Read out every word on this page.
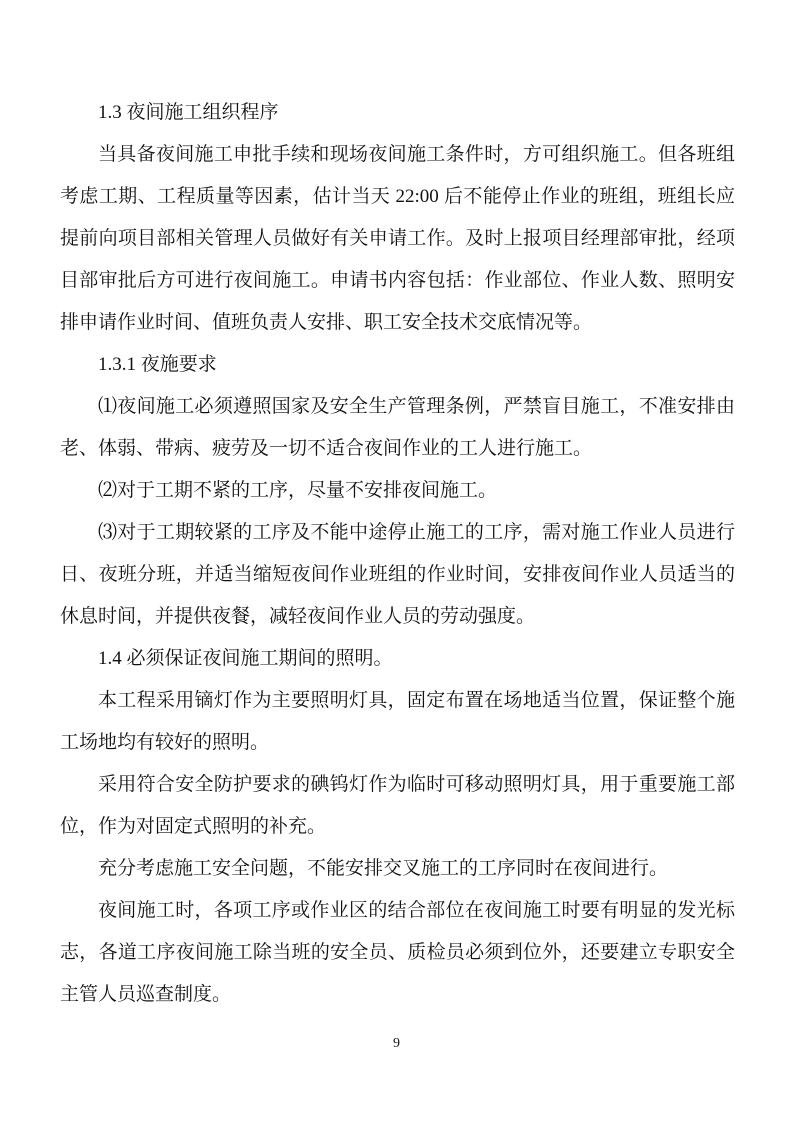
1.3 夜间施工组织程序

当具备夜间施工申批手续和现场夜间施工条件时，方可组织施工。但各班组考虑工期、工程质量等因素，估计当天 22:00 后不能停止作业的班组，班组长应提前向项目部相关管理人员做好有关申请工作。及时上报项目经理部审批，经项目部审批后方可进行夜间施工。申请书内容包括：作业部位、作业人数、照明安排申请作业时间、值班负责人安排、职工安全技术交底情况等。

1.3.1 夜施要求

⑴夜间施工必须遵照国家及安全生产管理条例，严禁盲目施工，不准安排由老、体弱、带病、疲劳及一切不适合夜间作业的工人进行施工。

⑵对于工期不紧的工序，尽量不安排夜间施工。

⑶对于工期较紧的工序及不能中途停止施工的工序，需对施工作业人员进行日、夜班分班，并适当缩短夜间作业班组的作业时间，安排夜间作业人员适当的休息时间，并提供夜餐，减轻夜间作业人员的劳动强度。

1.4 必须保证夜间施工期间的照明。

本工程采用镝灯作为主要照明灯具，固定布置在场地适当位置，保证整个施工场地均有较好的照明。

采用符合安全防护要求的碘钨灯作为临时可移动照明灯具，用于重要施工部位，作为对固定式照明的补充。

充分考虑施工安全问题，不能安排交叉施工的工序同时在夜间进行。

夜间施工时，各项工序或作业区的结合部位在夜间施工时要有明显的发光标志，各道工序夜间施工除当班的安全员、质检员必须到位外，还要建立专职安全主管人员巡查制度。

9
